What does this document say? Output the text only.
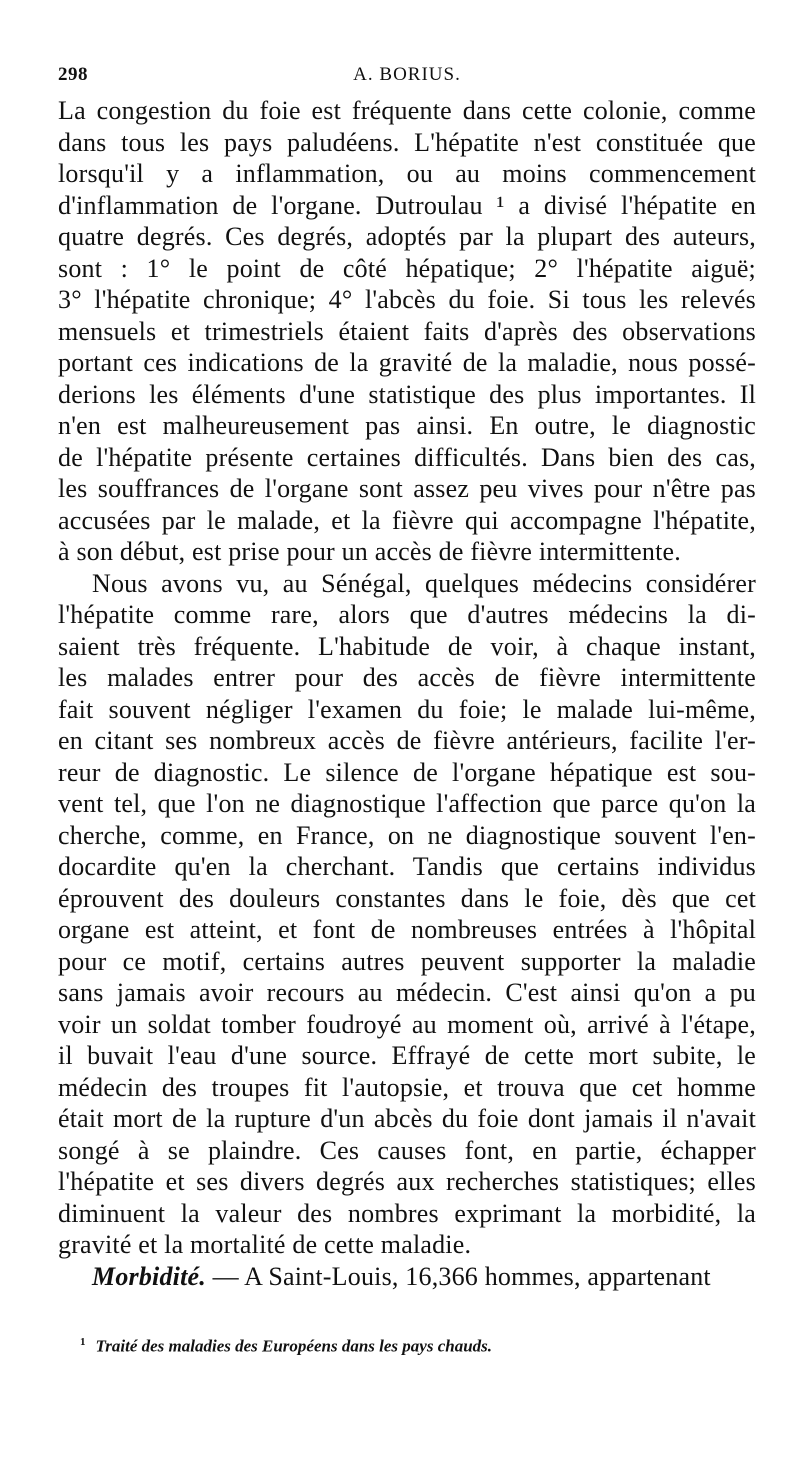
298	A. BORIUS.
La congestion du foie est fréquente dans cette colonie, comme
dans tous les pays paludéens. L'hépatite n'est constituée que
lorsqu'il y a inflammation, ou au moins commencement
d'inflammation de l'organe. Dutroulau ¹ a divisé l'hépatite en
quatre degrés. Ces degrés, adoptés par la plupart des auteurs,
sont : 1° le point de côté hépatique; 2° l'hépatite aiguë;
3° l'hépatite chronique; 4° l'abcès du foie. Si tous les relevés
mensuels et trimestriels étaient faits d'après des observations
portant ces indications de la gravité de la maladie, nous possé-
derions les éléments d'une statistique des plus importantes. Il
n'en est malheureusement pas ainsi. En outre, le diagnostic
de l'hépatite présente certaines difficultés. Dans bien des cas,
les souffrances de l'organe sont assez peu vives pour n'être pas
accusées par le malade, et la fièvre qui accompagne l'hépatite,
à son début, est prise pour un accès de fièvre intermittente.
Nous avons vu, au Sénégal, quelques médecins considérer
l'hépatite comme rare, alors que d'autres médecins la di-
saient très fréquente. L'habitude de voir, à chaque instant,
les malades entrer pour des accès de fièvre intermittente
fait souvent négliger l'examen du foie; le malade lui-même,
en citant ses nombreux accès de fièvre antérieurs, facilite l'er-
reur de diagnostic. Le silence de l'organe hépatique est sou-
vent tel, que l'on ne diagnostique l'affection que parce qu'on la
cherche, comme, en France, on ne diagnostique souvent l'en-
docardite qu'en la cherchant. Tandis que certains individus
éprouvent des douleurs constantes dans le foie, dès que cet
organe est atteint, et font de nombreuses entrées à l'hôpital
pour ce motif, certains autres peuvent supporter la maladie
sans jamais avoir recours au médecin. C'est ainsi qu'on a pu
voir un soldat tomber foudroyé au moment où, arrivé à l'étape,
il buvait l'eau d'une source. Effrayé de cette mort subite, le
médecin des troupes fit l'autopsie, et trouva que cet homme
était mort de la rupture d'un abcès du foie dont jamais il n'avait
songé à se plaindre. Ces causes font, en partie, échapper
l'hépatite et ses divers degrés aux recherches statistiques; elles
diminuent la valeur des nombres exprimant la morbidité, la
gravité et la mortalité de cette maladie.
Morbidité. — A Saint-Louis, 16,366 hommes, appartenant
$^1$ Traité des maladies des Européens dans les pays chauds.
